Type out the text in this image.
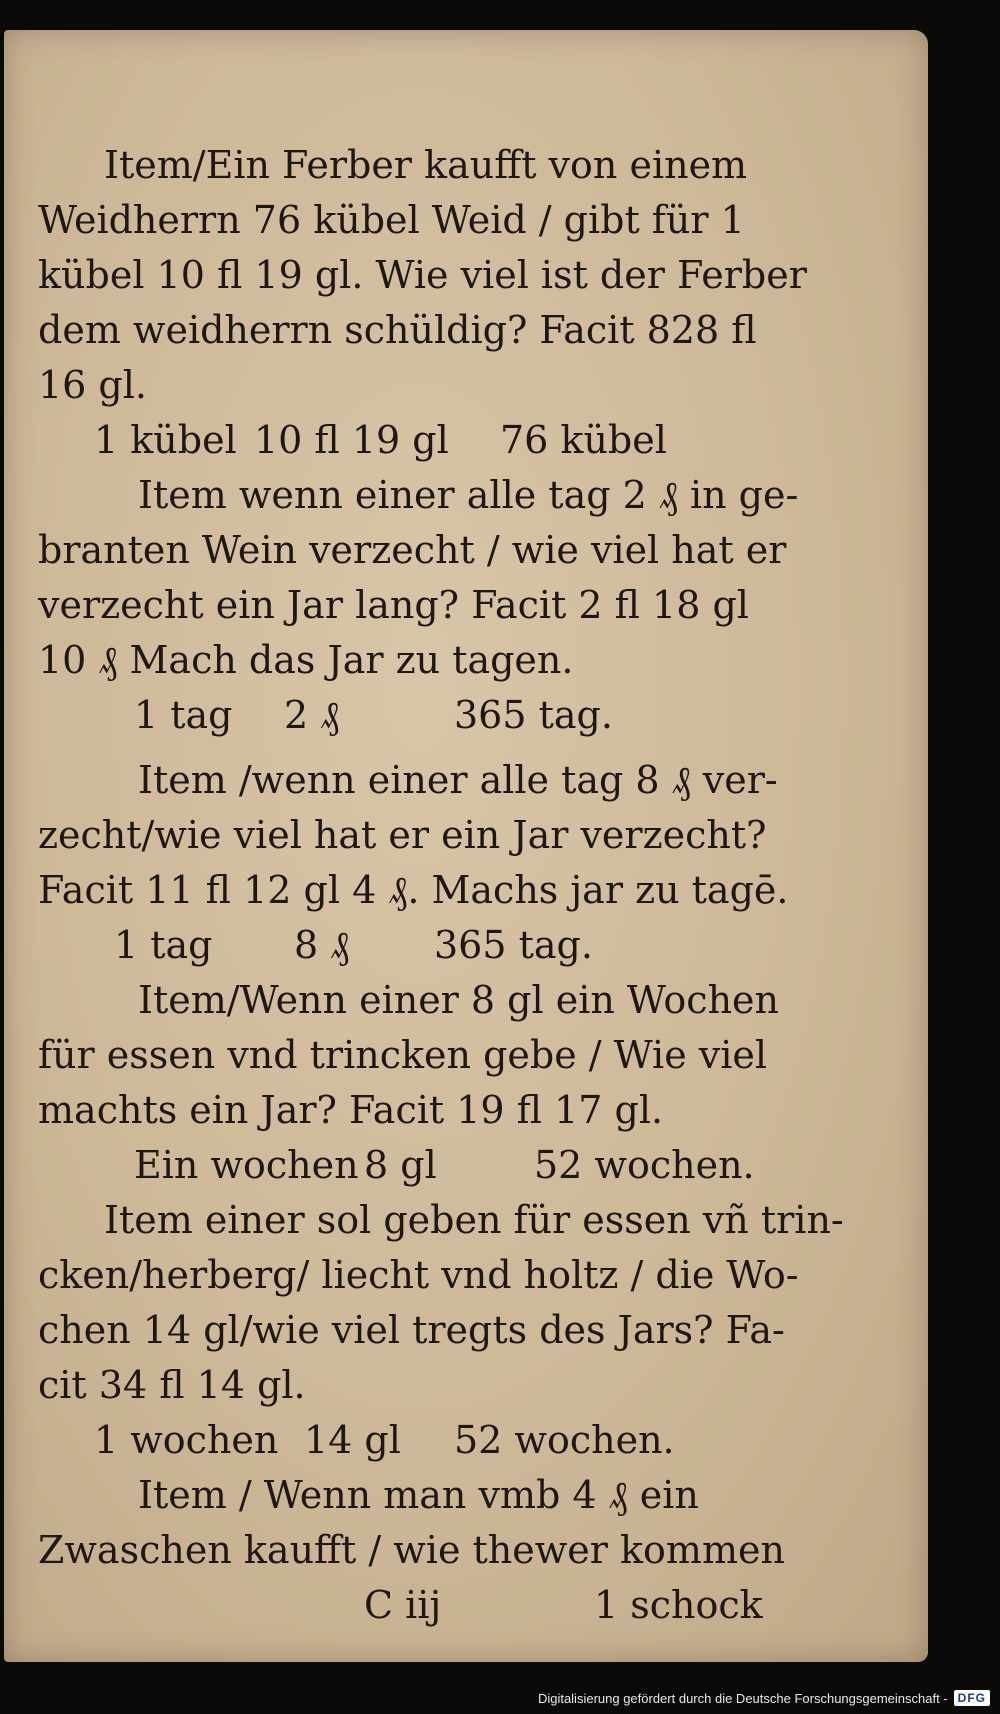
Item/Ein Ferber kaufft von einem

Weidherrn 76 kübel Weid / gibt für 1

kübel 10 fl 19 gl. Wie viel ist der Ferber

dem weidherrn schüldig? Facit 828 fl

16 gl.

1 kübel 10 fl 19 gl 76 kübel

Item wenn einer alle tag 2 ₰ in ge-

branten Wein verzecht / wie viel hat er

verzecht ein Jar lang? Facit 2 fl 18 gl

10 ₰ Mach das Jar zu tagen.

1 tag 2 ₰	365 tag.

Item /wenn einer alle tag 8 ₰ ver-

zecht/wie viel hat er ein Jar verzecht?

Facit 11 fl 12 gl 4 ₰. Machs jar zu tagē.

1 tag 8 ₰ 365 tag.

Item/Wenn einer 8 gl ein Wochen

für essen vnd trincken gebe / Wie viel

machts ein Jar? Facit 19 fl 17 gl.

Ein wochen 8 gl	52 wochen.

Item einer sol geben für essen vñ trin-

cken/herberg/ liecht vnd holtz / die Wo-

chen 14 gl/wie viel tregts des Jars? Fa-

cit 34 fl 14 gl.

1 wochen 14 gl 52 wochen.

Item / Wenn man vmb 4 ₰ ein

Zwaschen kaufft / wie thewer kommen

C iij	1 schock
Digitalisierung gefördert durch die Deutsche Forschungsgemeinschaft - DFG
